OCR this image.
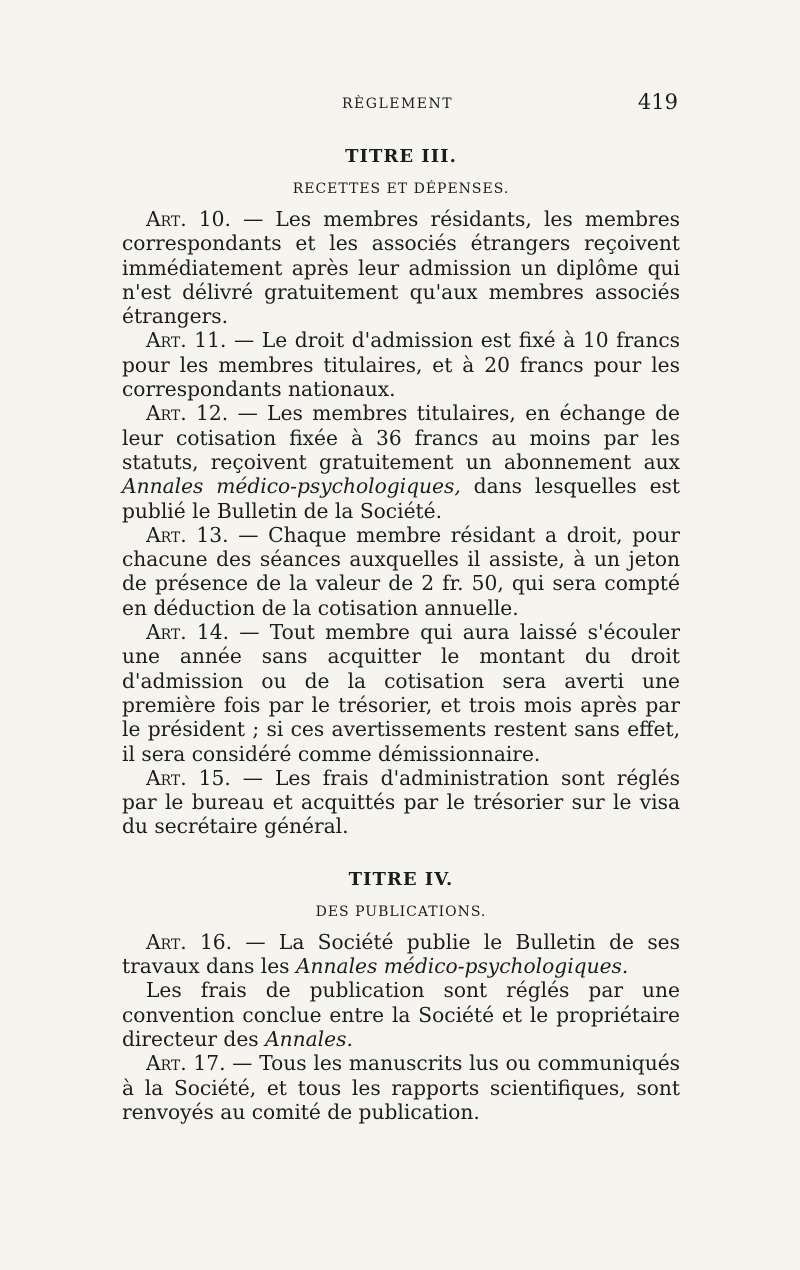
RÈGLEMENT	419
TITRE III.
RECETTES ET DÉPENSES.

Art. 10. — Les membres résidants, les membres correspondants et les associés étrangers reçoivent immédiatement après leur admission un diplôme qui n'est délivré gratuitement qu'aux membres associés étrangers.

Art. 11. — Le droit d'admission est fixé à 10 francs pour les membres titulaires, et à 20 francs pour les correspondants nationaux.

Art. 12. — Les membres titulaires, en échange de leur cotisation fixée à 36 francs au moins par les statuts, reçoivent gratuitement un abonnement aux Annales médico-psychologiques, dans lesquelles est publié le Bulletin de la Société.

Art. 13. — Chaque membre résidant a droit, pour chacune des séances auxquelles il assiste, à un jeton de présence de la valeur de 2 fr. 50, qui sera compté en déduction de la cotisation annuelle.

Art. 14. — Tout membre qui aura laissé s'écouler une année sans acquitter le montant du droit d'admission ou de la cotisation sera averti une première fois par le trésorier, et trois mois après par le président ; si ces avertissements restent sans effet, il sera considéré comme démissionnaire.

Art. 15. — Les frais d'administration sont réglés par le bureau et acquittés par le trésorier sur le visa du secrétaire général.

TITRE IV.
DES PUBLICATIONS.

Art. 16. — La Société publie le Bulletin de ses travaux dans les Annales médico-psychologiques.

Les frais de publication sont réglés par une convention conclue entre la Société et le propriétaire directeur des Annales.

Art. 17. — Tous les manuscrits lus ou communiqués à la Société, et tous les rapports scientifiques, sont renvoyés au comité de publication.
